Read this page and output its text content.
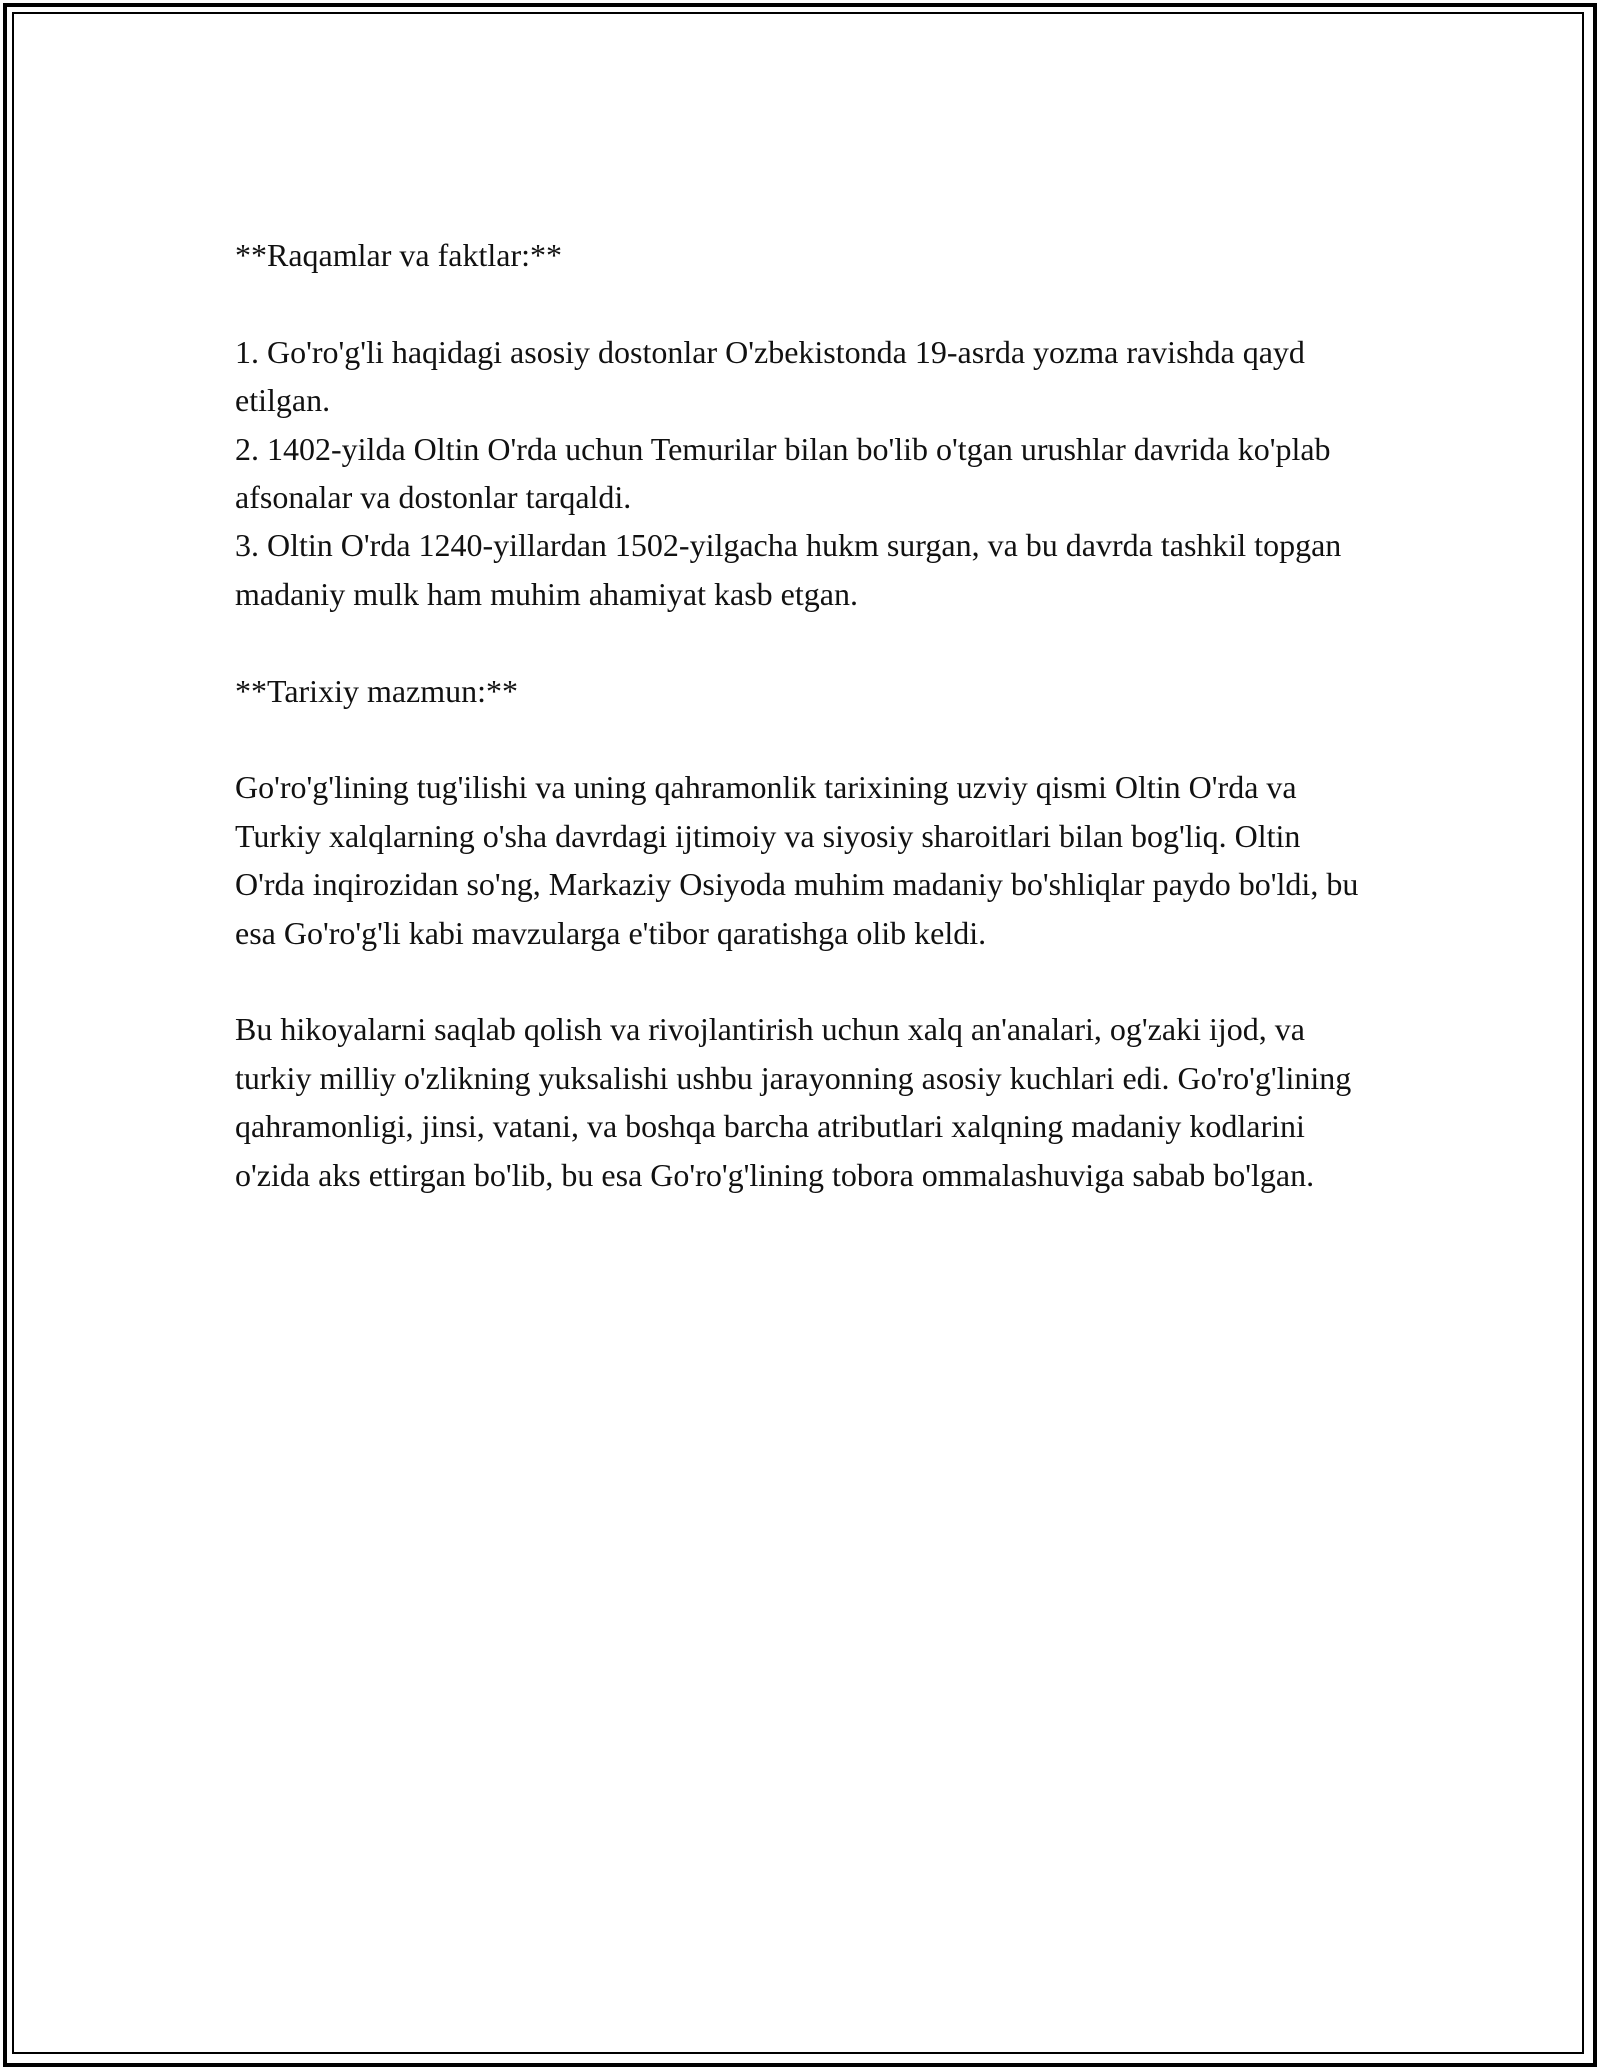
**Raqamlar va faktlar:**

1. Go'ro'g'li haqidagi asosiy dostonlar O'zbekistonda 19-asrda yozma ravishda qayd etilgan.

2. 1402-yilda Oltin O'rda uchun Temurilar bilan bo'lib o'tgan urushlar davrida ko'plab afsonalar va dostonlar tarqaldi.

3. Oltin O'rda 1240-yillardan 1502-yilgacha hukm surgan, va bu davrda tashkil topgan madaniy mulk ham muhim ahamiyat kasb etgan.

**Tarixiy mazmun:**

Go'ro'g'lining tug'ilishi va uning qahramonlik tarixining uzviy qismi Oltin O'rda va Turkiy xalqlarning o'sha davrdagi ijtimoiy va siyosiy sharoitlari bilan bog'liq. Oltin O'rda inqirozidan so'ng, Markaziy Osiyoda muhim madaniy bo'shliqlar paydo bo'ldi, bu esa Go'ro'g'li kabi mavzularga e'tibor qaratishga olib keldi.

Bu hikoyalarni saqlab qolish va rivojlantirish uchun xalq an'analari, og'zaki ijod, va turkiy milliy o'zlikning yuksalishi ushbu jarayonning asosiy kuchlari edi. Go'ro'g'lining qahramonligi, jinsi, vatani, va boshqa barcha atributlari xalqning madaniy kodlarini o'zida aks ettirgan bo'lib, bu esa Go'ro'g'lining tobora ommalashuviga sabab bo'lgan.
